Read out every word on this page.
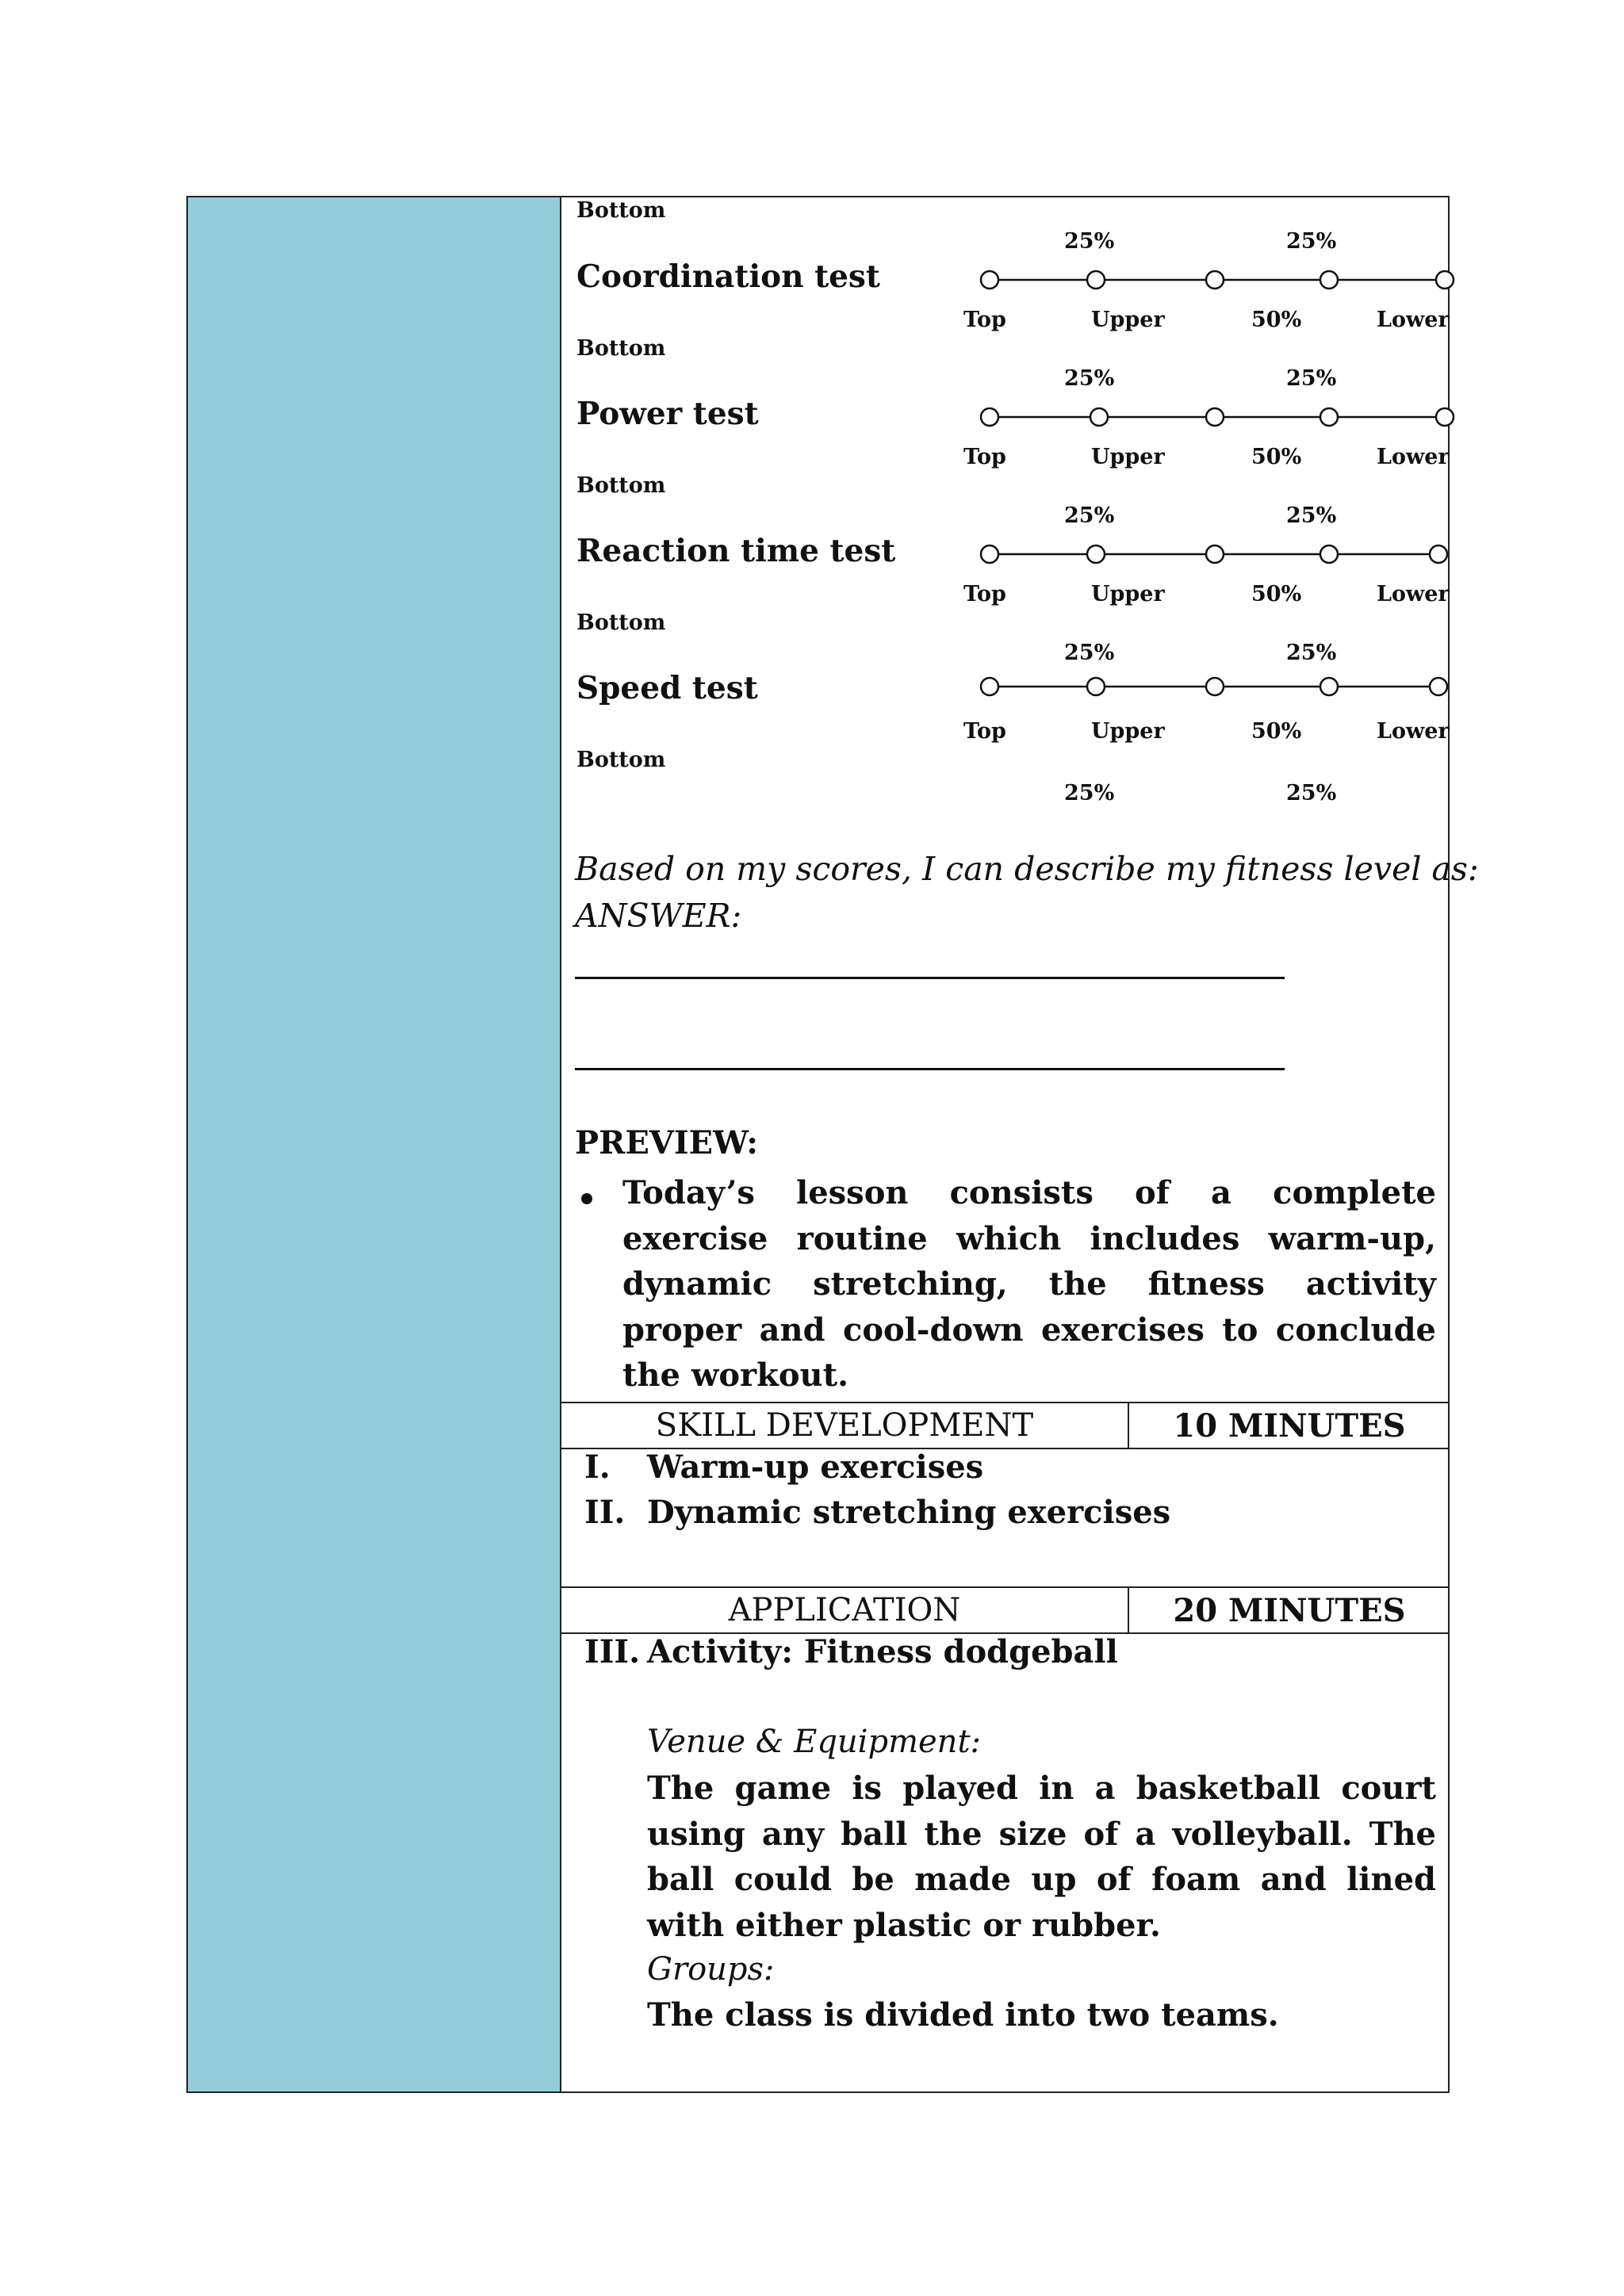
Bottom
25%	25%
Coordination test
Top	Upper	50%	Lower
Bottom
25%	25%
Power test
Top	Upper	50%	Lower
Bottom
25%	25%
Reaction time test
Top	Upper	50%	Lower
Bottom
25%	25%
Speed test
Top	Upper	50%	Lower
Bottom
25%	25%
Based on my scores, I can describe my fitness level as:
ANSWER:
PREVIEW:

Today’s lesson consists of a complete exercise routine which includes warm-up, dynamic stretching, the fitness activity proper and cool-down exercises to conclude the workout.

SKILL DEVELOPMENT	10 MINUTES
I. Warm-up exercises
II. Dynamic stretching exercises
APPLICATION	20 MINUTES
III. Activity: Fitness dodgeball
Venue & Equipment:

The game is played in a basketball court using any ball the size of a volleyball. The ball could be made up of foam and lined with either plastic or rubber.

Groups:
The class is divided into two teams.
